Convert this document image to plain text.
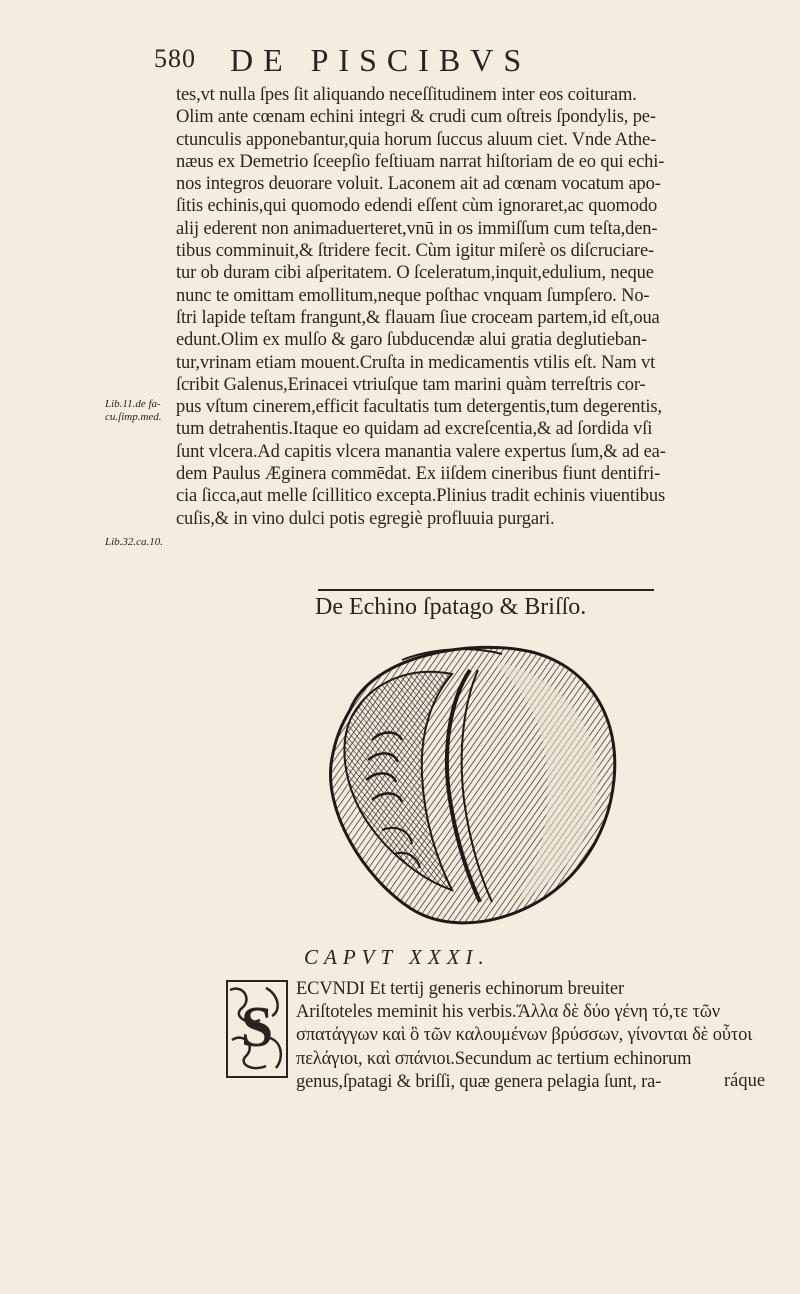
580 DE PISCIBVS
tes,vt nulla ſpes ſit aliquando neceſſitudinem inter eos coituram.
Olim ante cœnam echini integri & crudi cum oſtreis ſpondylis, pe-
ctunculis apponebantur,quia horum ſuccus aluum ciet. Vnde Athe-
næus ex Demetrio ſceepſio feſtiuam narrat hiſtoriam de eo qui echi-
nos integros deuorare voluit. Laconem ait ad cœnam vocatum apo-
ſitis echinis,qui quomodo edendi eſſent cùm ignoraret,ac quomodo
alij ederent non animaduerteret,vnū in os immiſſum cum teſta,den-
tibus comminuit,& ſtridere fecit. Cùm igitur miſerè os diſcruciare-
tur ob duram cibi aſperitatem. O ſceleratum,inquit,edulium, neque
nunc te omittam emollitum,neque poſthac vnquam ſumpſero. No-
ſtri lapide teſtam frangunt,& flauam ſiue croceam partem,id eſt,oua
edunt.Olim ex mulſo & garo ſubducendæ alui gratia deglutieban-
tur,vrinam etiam mouent.Cruſta in medicamentis vtilis eſt. Nam vt
ſcribit Galenus,Erinacei vtriuſque tam marini quàm terreſtris cor-
pus vſtum cinerem,efficit facultatis tum detergentis,tum degerentis,
tum detrahentis.Itaque eo quidam ad excreſcentia,& ad ſordida vſi
ſunt vlcera.Ad capitis vlcera manantia valere expertus ſum,& ad ea-
dem Paulus Æginera commēdat. Ex iiſdem cineribus fiunt dentifri-
cia ſicca,aut melle ſcillitico excepta.Plinius tradit echinis viuentibus
cuſis,& in vino dulci potis egregiè profluuia purgari.
Lib.11.de fa-
cu.ſimp.med.
Lib.32.ca.10.
De Echino ſpatago & Briſſo.
CAPVT XXXI.
S
ECVNDI Et tertij generis echinorum breuiter
Ariſtoteles meminit his verbis.Ἄλλα δὲ δύο γένη τό,τε τῶν
σπατάγγων καὶ ὃ τῶν καλουμένων βρύσσων, γίνονται δὲ οὗτοι
πελάγιοι, καὶ σπάνιοι.Secundum ac tertium echinorum
genus,ſpatagi & briſſi, quæ genera pelagia ſunt, ra-	ráque
